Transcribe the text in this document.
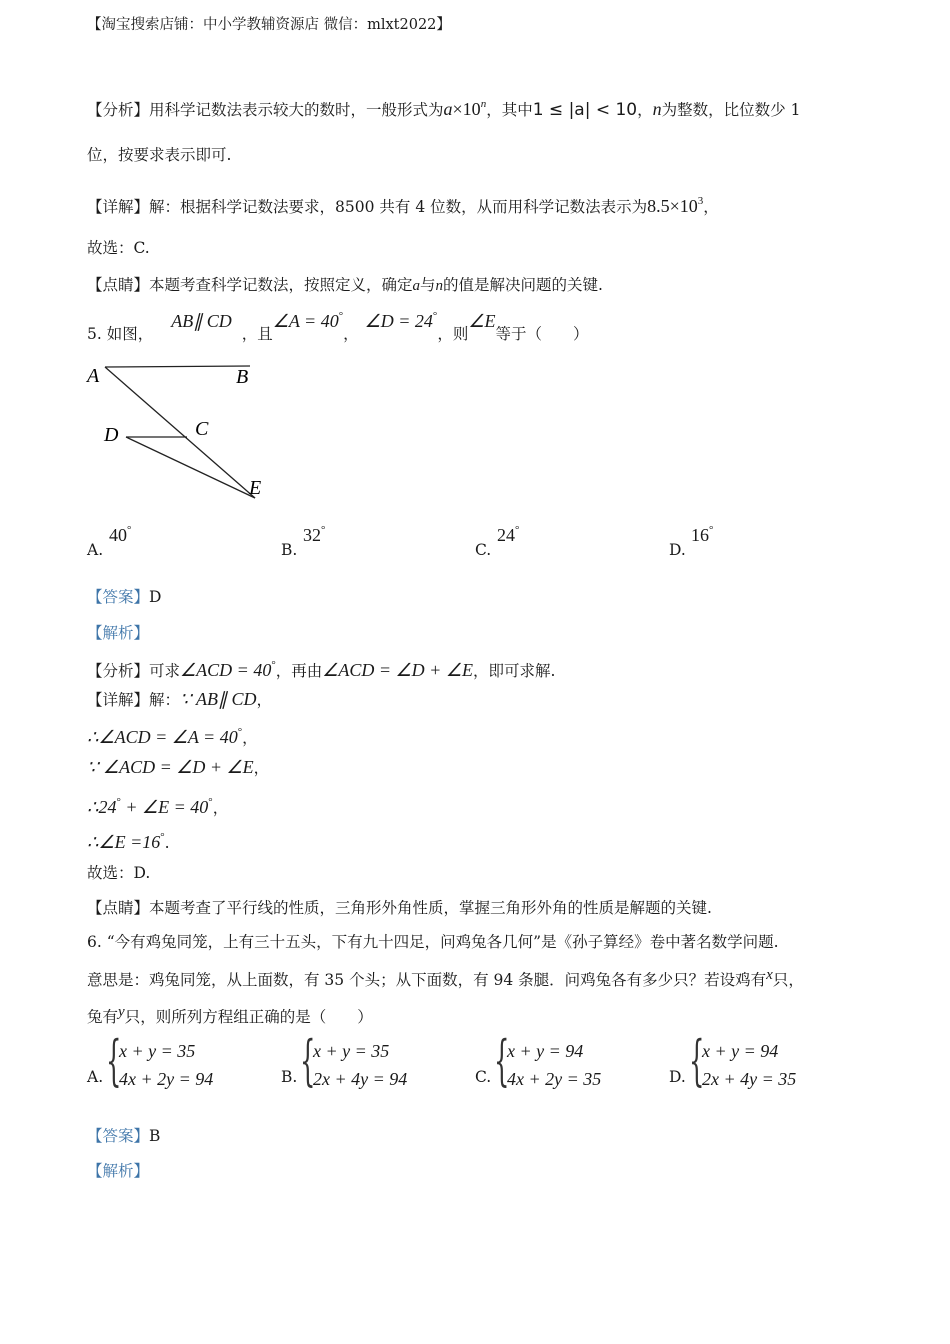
【淘宝搜索店铺：中小学教辅资源店 微信：mlxt2022】
【分析】用科学记数法表示较大的数时，一般形式为$a\times 10^n$，其中1 ≤ |a| < 10，n为整数，比位数少 1
位，按要求表示即可.
【详解】解：根据科学记数法要求，8500 共有 4 位数，从而用科学记数法表示为$8.5\times 10^3$，
故选：C.
【点睛】本题考查科学记数法，按照定义，确定a与n的值是解决问题的关键.
5. 如图，AB∥ CD，且∠A = 40°，∠D = 24°，则∠E等于（　　）
A	B
C
D
E
A.
40°
B.
32°
C.
24°
D.
16°
【答案】D
【解析】
【分析】可求∠ACD = 40°，再由∠ACD = ∠D + ∠E，即可求解.
【详解】解：∵ AB∥ CD，
∴∠ACD = ∠A = 40°，
∵ ∠ACD = ∠D + ∠E，
∴24° + ∠E = 40°，
∴∠E =16°.
故选：D.
【点睛】本题考查了平行线的性质，三角形外角性质，掌握三角形外角的性质是解题的关键.
6. “今有鸡兔同笼，上有三十五头，下有九十四足，问鸡兔各几何”是《孙子算经》卷中著名数学问题.
意思是：鸡兔同笼，从上面数，有 35 个头；从下面数，有 94 条腿．问鸡兔各有多少只？若设鸡有x只，
兔有y只，则所列方程组正确的是（　　）
A. {
x + y = 35
4x + 2y = 94	B. {
x + y = 35
2x + 4y = 94	C. {
x + y = 94
4x + 2y = 35	D. {
x + y = 94
2x + 4y = 35
【答案】B
【解析】
